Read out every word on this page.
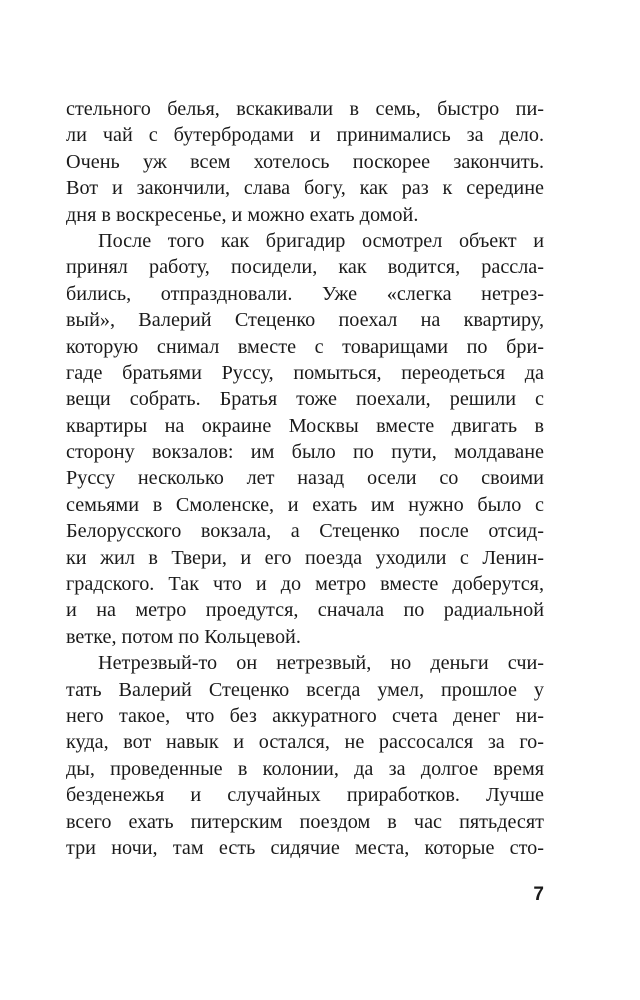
стельного белья, вскакивали в семь, быстро пи-
ли чай с бутербродами и принимались за дело.
Очень уж всем хотелось поскорее закончить.
Вот и закончили, слава богу, как раз к середине
дня в воскресенье, и можно ехать домой.
После того как бригадир осмотрел объект и
принял работу, посидели, как водится, рассла-
бились, отпраздновали. Уже «слегка нетрез-
вый», Валерий Стеценко поехал на квартиру,
которую снимал вместе с товарищами по бри-
гаде братьями Руссу, помыться, переодеться да
вещи собрать. Братья тоже поехали, решили с
квартиры на окраине Москвы вместе двигать в
сторону вокзалов: им было по пути, молдаване
Руссу несколько лет назад осели со своими
семьями в Смоленске, и ехать им нужно было с
Белорусского вокзала, а Стеценко после отсид-
ки жил в Твери, и его поезда уходили с Ленин-
градского. Так что и до метро вместе доберутся,
и на метро проедутся, сначала по радиальной
ветке, потом по Кольцевой.
Нетрезвый-то он нетрезвый, но деньги счи-
тать Валерий Стеценко всегда умел, прошлое у
него такое, что без аккуратного счета денег ни-
куда, вот навык и остался, не рассосался за го-
ды, проведенные в колонии, да за долгое время
безденежья и случайных приработков. Лучше
всего ехать питерским поездом в час пятьдесят
три ночи, там есть сидячие места, которые сто-
7
